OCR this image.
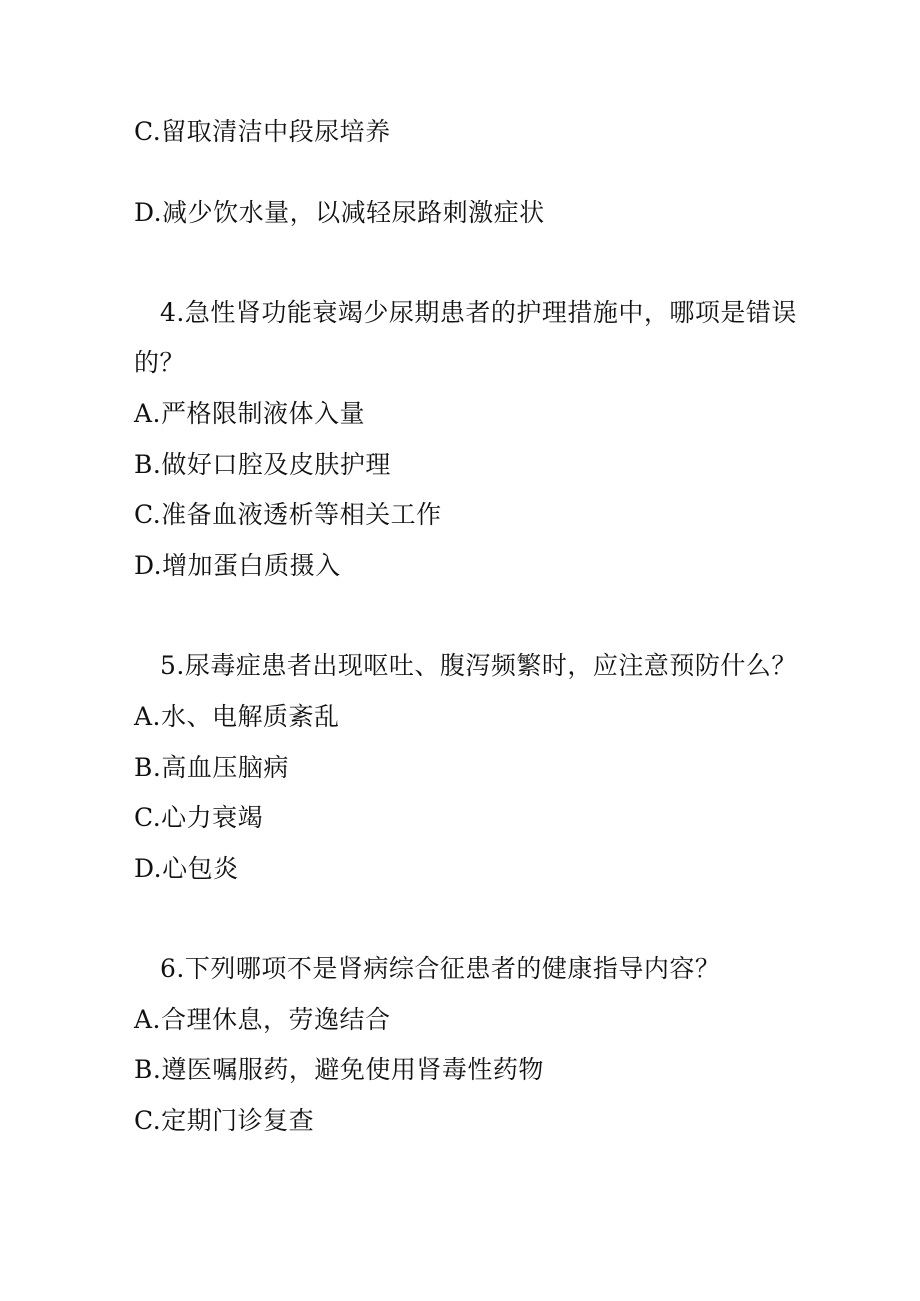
C.留取清洁中段尿培养
D.减少饮水量，以减轻尿路刺激症状
4.急性肾功能衰竭少尿期患者的护理措施中，哪项是错误
的？
A.严格限制液体入量
B.做好口腔及皮肤护理
C.准备血液透析等相关工作
D.增加蛋白质摄入
5.尿毒症患者出现呕吐、腹泻频繁时，应注意预防什么？
A.水、电解质紊乱
B.高血压脑病
C.心力衰竭
D.心包炎
6.下列哪项不是肾病综合征患者的健康指导内容？
A.合理休息，劳逸结合
B.遵医嘱服药，避免使用肾毒性药物
C.定期门诊复查
